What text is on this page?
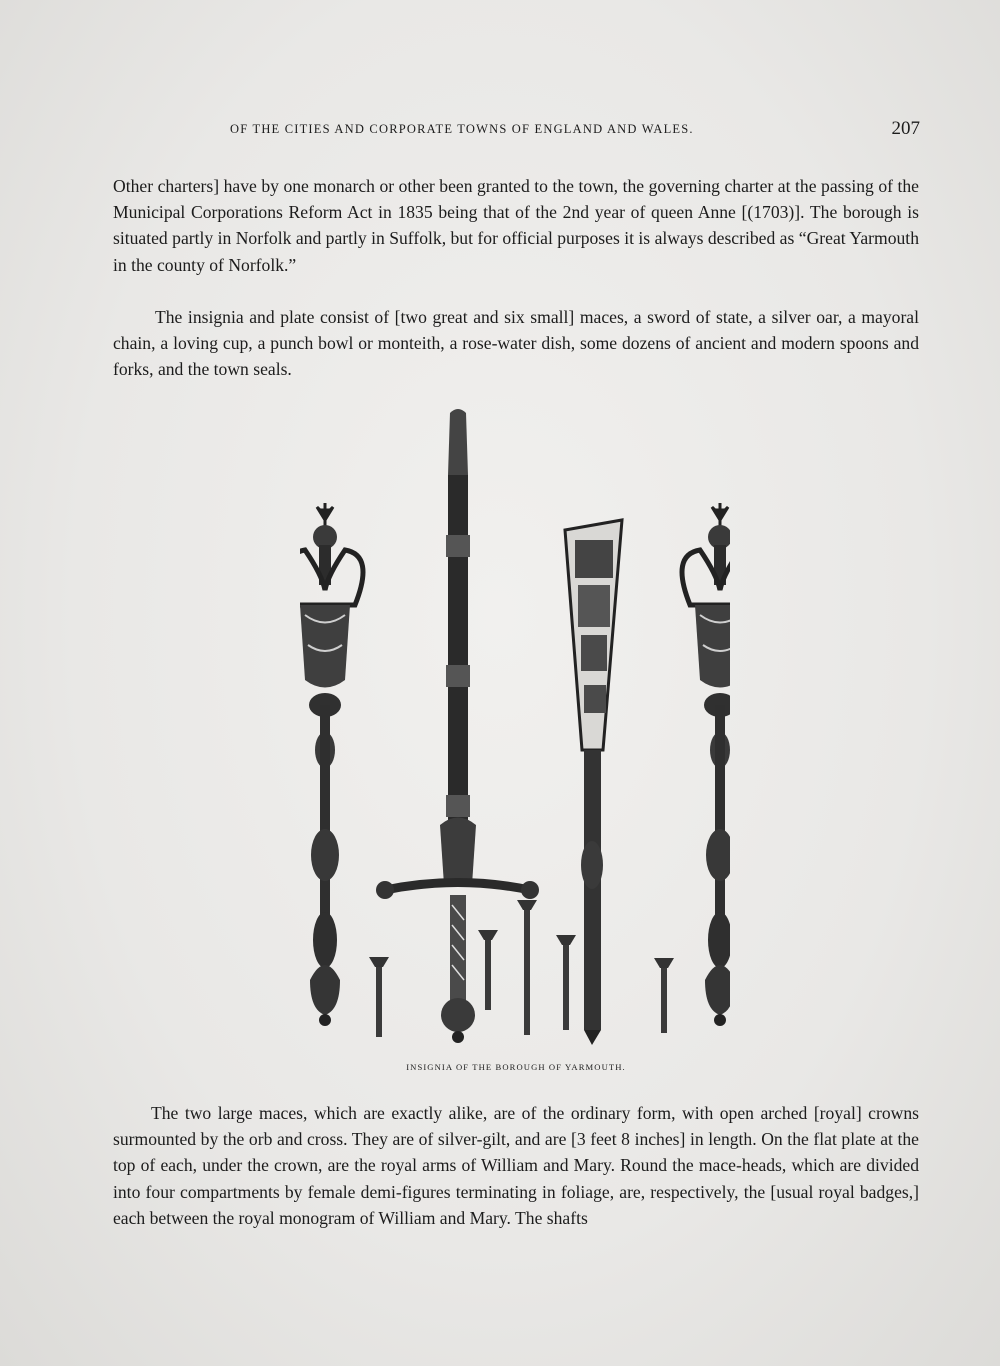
OF THE CITIES AND CORPORATE TOWNS OF ENGLAND AND WALES.	207

Other charters] have by one monarch or other been granted to the town, the governing charter at the passing of the Municipal Corporations Reform Act in 1835 being that of the 2nd year of queen Anne [(1703)]. The borough is situated partly in Norfolk and partly in Suffolk, but for official purposes it is always described as “Great Yarmouth in the county of Norfolk.”

The insignia and plate consist of [two great and six small] maces, a sword of state, a silver oar, a mayoral chain, a loving cup, a punch bowl or monteith, a rose-water dish, some dozens of ancient and modern spoons and forks, and the town seals.

INSIGNIA OF THE BOROUGH OF YARMOUTH.

The two large maces, which are exactly alike, are of the ordinary form, with open arched [royal] crowns surmounted by the orb and cross. They are of silver-gilt, and are [3 feet 8 inches] in length. On the flat plate at the top of each, under the crown, are the royal arms of William and Mary. Round the mace-heads, which are divided into four compartments by female demi-figures terminating in foliage, are, respectively, the [usual royal badges,] each between the royal monogram of William and Mary. The shafts
